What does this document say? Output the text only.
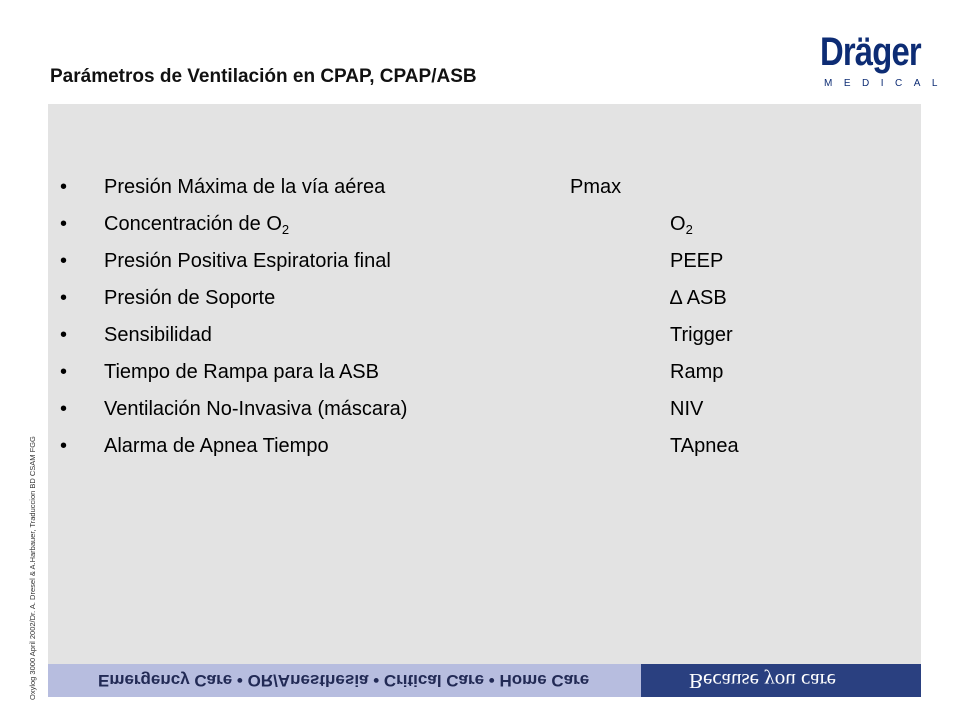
Dräger
MEDICAL
Parámetros de Ventilación en CPAP, CPAP/ASB
• Presión Máxima de la vía aérea	Pmax
• Concentración de $O_2$	$O_2$
• Presión Positiva Espiratoria final	PEEP
• Presión de Soporte	∆ ASB
• Sensibilidad	Trigger
• Tiempo de Rampa para la ASB	Ramp
• Ventilación No-Invasiva (máscara)	NIV
• Alarma de Apnea Tiempo	TApnea
Oxylog 3000 April 2002/Dr. A. Dresel & A.Harbauer, Traduccion BD CSAM FGG	Emergency Care • OR/Anesthesia • Critical Care • Home Care	Because you care
